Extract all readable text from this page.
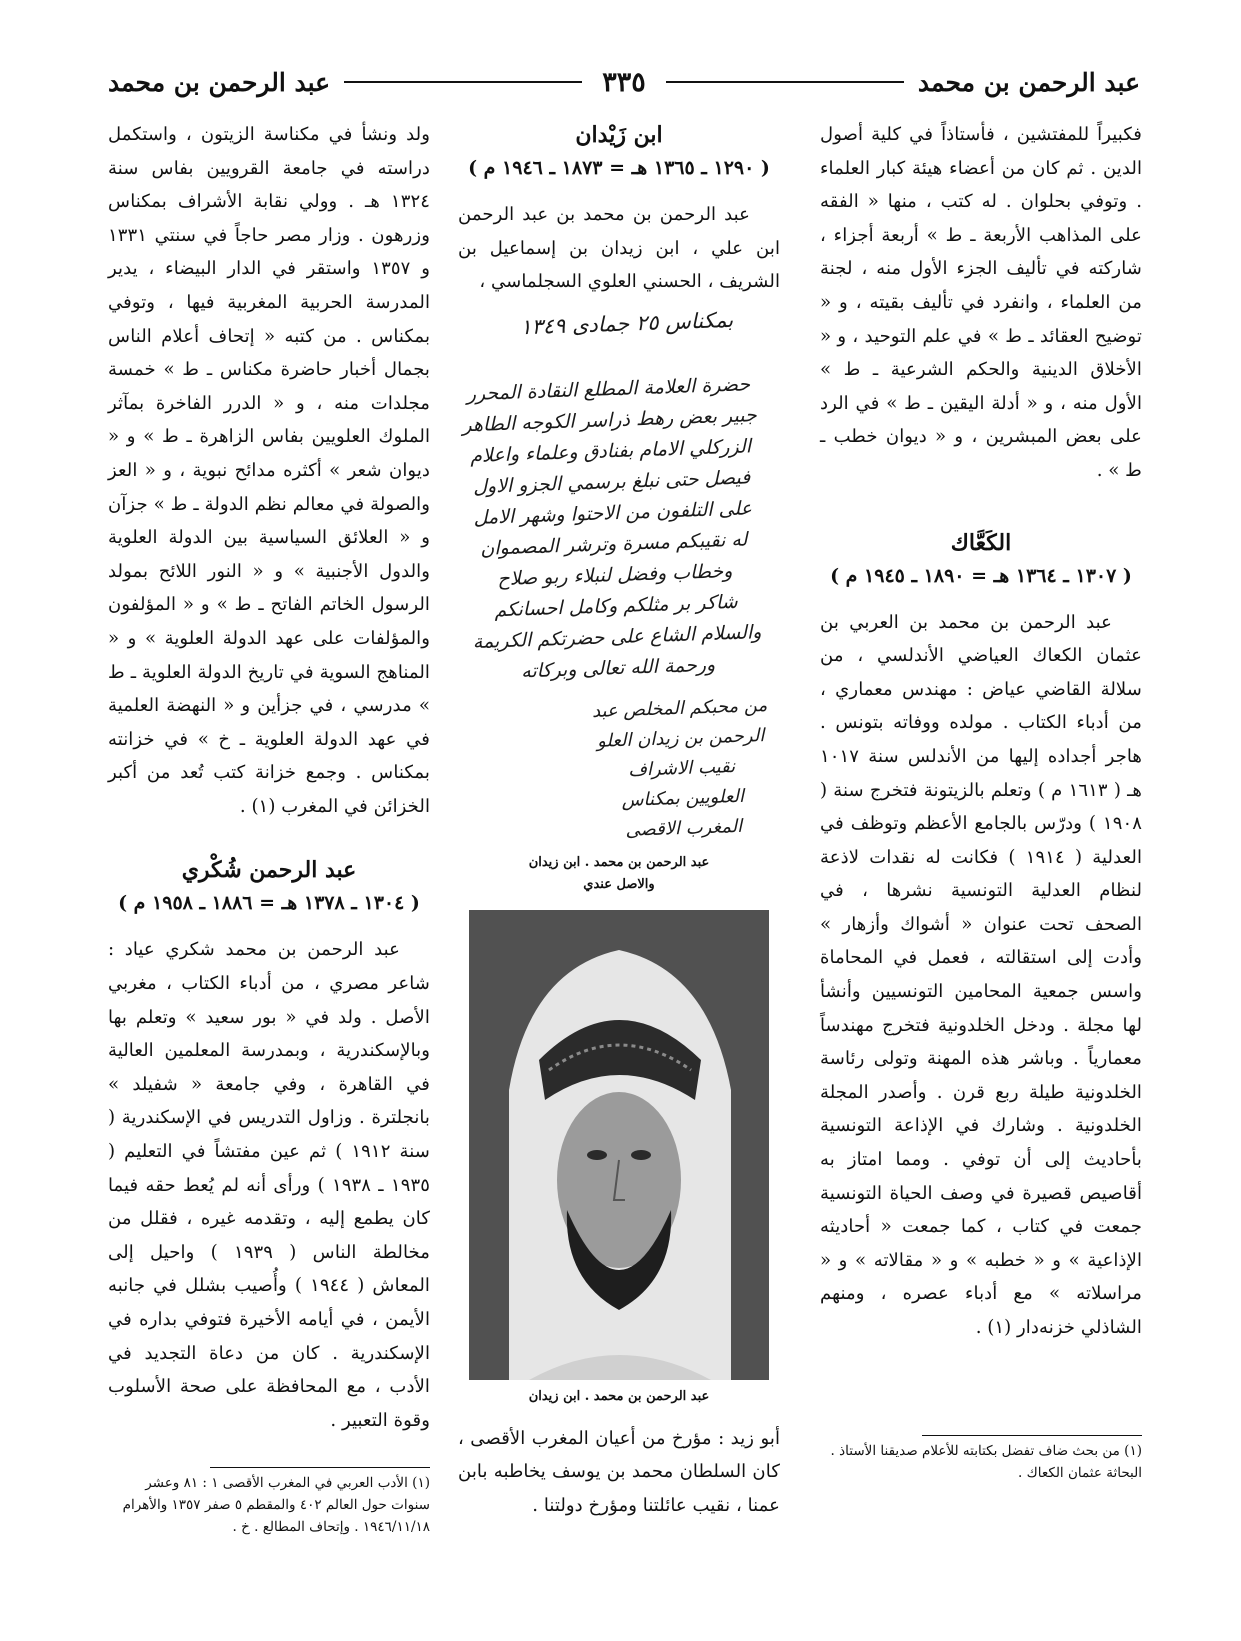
عبد الرحمن بن محمد
٣٣٥
عبد الرحمن بن محمد

فكبيراً للمفتشين ، فأستاذاً في كلية أصول الدين . ثم كان من أعضاء هيئة كبار العلماء . وتوفي بحلوان . له كتب ، منها « الفقه على المذاهب الأربعة ـ ط » أربعة أجزاء ، شاركته في تأليف الجزء الأول منه ، لجنة من العلماء ، وانفرد في تأليف بقيته ، و « توضيح العقائد ـ ط » في علم التوحيد ، و « الأخلاق الدينية والحكم الشرعية ـ ط » الأول منه ، و « أدلة اليقين ـ ط » في الرد على بعض المبشرين ، و « ديوان خطب ـ ط » .

الكَعَّاك

( ١٣٠٧ ـ ١٣٦٤ هـ = ١٨٩٠ ـ ١٩٤٥ م )

عبد الرحمن بن محمد بن العربي بن عثمان الكعاك العياضي الأندلسي ، من سلالة القاضي عياض : مهندس معماري ، من أدباء الكتاب . مولده ووفاته بتونس . هاجر أجداده إليها من الأندلس سنة ١٠١٧ هـ ( ١٦١٣ م ) وتعلم بالزيتونة فتخرج سنة ( ١٩٠٨ ) ودرّس بالجامع الأعظم وتوظف في العدلية ( ١٩١٤ ) فكانت له نقدات لاذعة لنظام العدلية التونسية نشرها ، في الصحف تحت عنوان « أشواك وأزهار » وأدت إلى استقالته ، فعمل في المحاماة واسس جمعية المحامين التونسيين وأنشأ لها مجلة . ودخل الخلدونية فتخرج مهندساً معمارياً . وباشر هذه المهنة وتولى رئاسة الخلدونية طيلة ربع قرن . وأصدر المجلة الخلدونية . وشارك في الإذاعة التونسية بأحاديث إلى أن توفي . ومما امتاز به أقاصيص قصيرة في وصف الحياة التونسية جمعت في كتاب ، كما جمعت « أحاديثه الإذاعية » و « خطبه » و « مقالاته » و « مراسلاته » مع أدباء عصره ، ومنهم الشاذلي خزنه‌دار (١) .

(١) من بحث ضاف تفضل بكتابته للأعلام صديقنا الأستاذ . البحاثة عثمان الكعاك .

ابن زَيْدان

( ١٢٩٠ ـ ١٣٦٥ هـ = ١٨٧٣ ـ ١٩٤٦ م )

عبد الرحمن بن محمد بن عبد الرحمن ابن علي ، ابن زيدان بن إسماعيل بن الشريف ، الحسني العلوي السجلماسي ،

بمكناس ٢٥ جمادى ١٣٤٩
حضرة العلامة المطلع النقادة المحرر
جبير بعض رهط ذراسر الكوجه الطاهر
الزركلي الامام بفنادق وعلماء واعلام
فيصل حتى نبلغ برسمي الجزو الاول
على التلفون من الاحتوا وشهر الامل
له نقيبكم مسرة وترشر المصموان
وخطاب وفضل لنبلاء ربو صلاح
شاكر بر مثلكم وكامل احسانكم
والسلام الشاع على حضرتكم الكريمة
ورحمة الله تعالى وبركاته
من محبكم المخلص عبد
الرحمن بن زيدان العلو
نقيب الاشراف
العلويين بمكناس
المغرب الاقصى

عبد الرحمن بن محمد . ابن زيدان
والاصل عندي

عبد الرحمن بن محمد . ابن زيدان

أبو زيد : مؤرخ من أعيان المغرب الأقصى ، كان السلطان محمد بن يوسف يخاطبه بابن عمنا ، نقيب عائلتنا ومؤرخ دولتنا .

ولد ونشأ في مكناسة الزيتون ، واستكمل دراسته في جامعة القرويين بفاس سنة ١٣٢٤ هـ . وولي نقابة الأشراف بمكناس وزرهون . وزار مصر حاجاً في سنتي ١٣٣١ و ١٣٥٧ واستقر في الدار البيضاء ، يدير المدرسة الحربية المغربية فيها ، وتوفي بمكناس . من كتبه « إتحاف أعلام الناس بجمال أخبار حاضرة مكناس ـ ط » خمسة مجلدات منه ، و « الدرر الفاخرة بمآثر الملوك العلويين بفاس الزاهرة ـ ط » و « ديوان شعر » أكثره مدائح نبوية ، و « العز والصولة في معالم نظم الدولة ـ ط » جزآن و « العلائق السياسية بين الدولة العلوية والدول الأجنبية » و « النور اللائح بمولد الرسول الخاتم الفاتح ـ ط » و « المؤلفون والمؤلفات على عهد الدولة العلوية » و « المناهج السوية في تاريخ الدولة العلوية ـ ط » مدرسي ، في جزأين و « النهضة العلمية في عهد الدولة العلوية ـ خ » في خزانته بمكناس . وجمع خزانة كتب تُعد من أكبر الخزائن في المغرب (١) .

عبد الرحمن شُكْري

( ١٣٠٤ ـ ١٣٧٨ هـ = ١٨٨٦ ـ ١٩٥٨ م )

عبد الرحمن بن محمد شكري عياد : شاعر مصري ، من أدباء الكتاب ، مغربي الأصل . ولد في « بور سعيد » وتعلم بها وبالإسكندرية ، وبمدرسة المعلمين العالية في القاهرة ، وفي جامعة « شفيلد » بانجلترة . وزاول التدريس في الإسكندرية ( سنة ١٩١٢ ) ثم عين مفتشاً في التعليم ( ١٩٣٥ ـ ١٩٣٨ ) ورأى أنه لم يُعط حقه فيما كان يطمع إليه ، وتقدمه غيره ، فقلل من مخالطة الناس ( ١٩٣٩ ) واحيل إلى المعاش ( ١٩٤٤ ) وأُصيب بشلل في جانبه الأيمن ، في أيامه الأخيرة فتوفي بداره في الإسكندرية . كان من دعاة التجديد في الأدب ، مع المحافظة على صحة الأسلوب وقوة التعبير .

(١) الأدب العربي في المغرب الأقصى ١ : ٨١ وعشر سنوات حول العالم ٤٠٢ والمقطم ٥ صفر ١٣٥٧ والأهرام ١٩٤٦/١١/١٨ . وإتحاف المطالع . خ .
